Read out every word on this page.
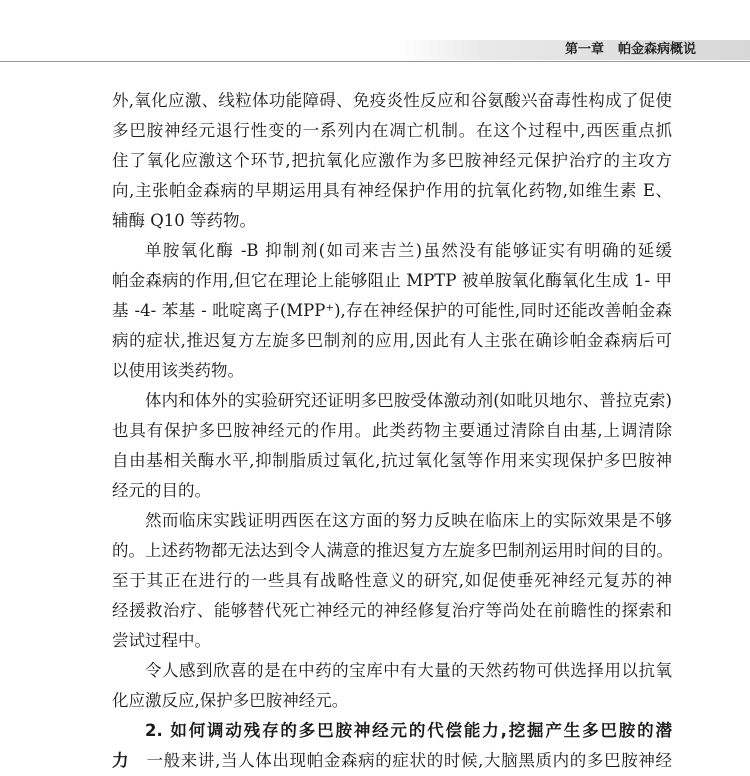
第一章 帕金森病概说
外,氧化应激、线粒体功能障碍、免疫炎性反应和谷氨酸兴奋毒性构成了促使
多巴胺神经元退行性变的一系列内在凋亡机制。在这个过程中,西医重点抓
住了氧化应激这个环节,把抗氧化应激作为多巴胺神经元保护治疗的主攻方
向,主张帕金森病的早期运用具有神经保护作用的抗氧化药物,如维生素 E、
辅酶 Q10 等药物。
单胺氧化酶 -B 抑制剂(如司来吉兰)虽然没有能够证实有明确的延缓
帕金森病的作用,但它在理论上能够阻止 MPTP 被单胺氧化酶氧化生成 1- 甲
基 -4- 苯基 - 吡啶离子(MPP⁺),存在神经保护的可能性,同时还能改善帕金森
病的症状,推迟复方左旋多巴制剂的应用,因此有人主张在确诊帕金森病后可
以使用该类药物。
体内和体外的实验研究还证明多巴胺受体激动剂(如吡贝地尔、普拉克索)
也具有保护多巴胺神经元的作用。此类药物主要通过清除自由基,上调清除
自由基相关酶水平,抑制脂质过氧化,抗过氧化氢等作用来实现保护多巴胺神
经元的目的。
然而临床实践证明西医在这方面的努力反映在临床上的实际效果是不够
的。上述药物都无法达到令人满意的推迟复方左旋多巴制剂运用时间的目的。
至于其正在进行的一些具有战略性意义的研究,如促使垂死神经元复苏的神
经援救治疗、能够替代死亡神经元的神经修复治疗等尚处在前瞻性的探索和
尝试过程中。
令人感到欣喜的是在中药的宝库中有大量的天然药物可供选择用以抗氧
化应激反应,保护多巴胺神经元。
2. 如何调动残存的多巴胺神经元的代偿能力,挖掘产生多巴胺的潜
力 一般来讲,当人体出现帕金森病的症状的时候,大脑黑质内的多巴胺神经
